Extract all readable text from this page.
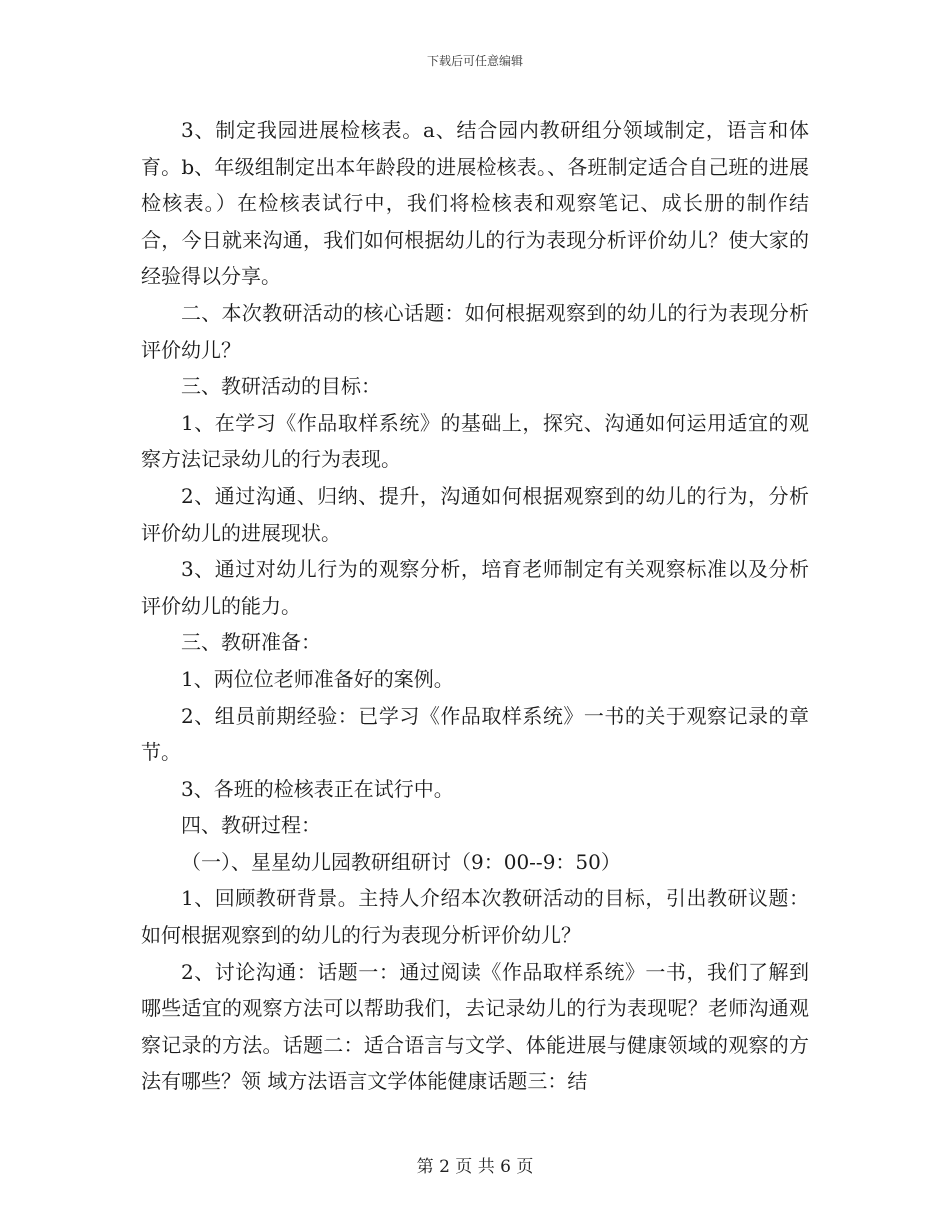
下载后可任意编辑

3、制定我园进展检核表。a、结合园内教研组分领域制定，语言和体育。b、年级组制定出本年龄段的进展检核表。、各班制定适合自己班的进展检核表。）在检核表试行中，我们将检核表和观察笔记、成长册的制作结合，今日就来沟通，我们如何根据幼儿的行为表现分析评价幼儿？使大家的经验得以分享。

二、本次教研活动的核心话题：如何根据观察到的幼儿的行为表现分析评价幼儿？

三、教研活动的目标：

1、在学习《作品取样系统》的基础上，探究、沟通如何运用适宜的观察方法记录幼儿的行为表现。

2、通过沟通、归纳、提升，沟通如何根据观察到的幼儿的行为，分析评价幼儿的进展现状。

3、通过对幼儿行为的观察分析，培育老师制定有关观察标准以及分析评价幼儿的能力。

三、教研准备：

1、两位位老师准备好的案例。

2、组员前期经验：已学习《作品取样系统》一书的关于观察记录的章节。

3、各班的检核表正在试行中。

四、教研过程：

（一）、星星幼儿园教研组研讨（9：00--9：50）

1、回顾教研背景。主持人介绍本次教研活动的目标，引出教研议题：如何根据观察到的幼儿的行为表现分析评价幼儿？

2、讨论沟通：话题一：通过阅读《作品取样系统》一书，我们了解到哪些适宜的观察方法可以帮助我们，去记录幼儿的行为表现呢？老师沟通观察记录的方法。话题二：适合语言与文学、体能进展与健康领域的观察的方法有哪些？领 域方法语言文学体能健康话题三：结

第 2 页 共 6 页
